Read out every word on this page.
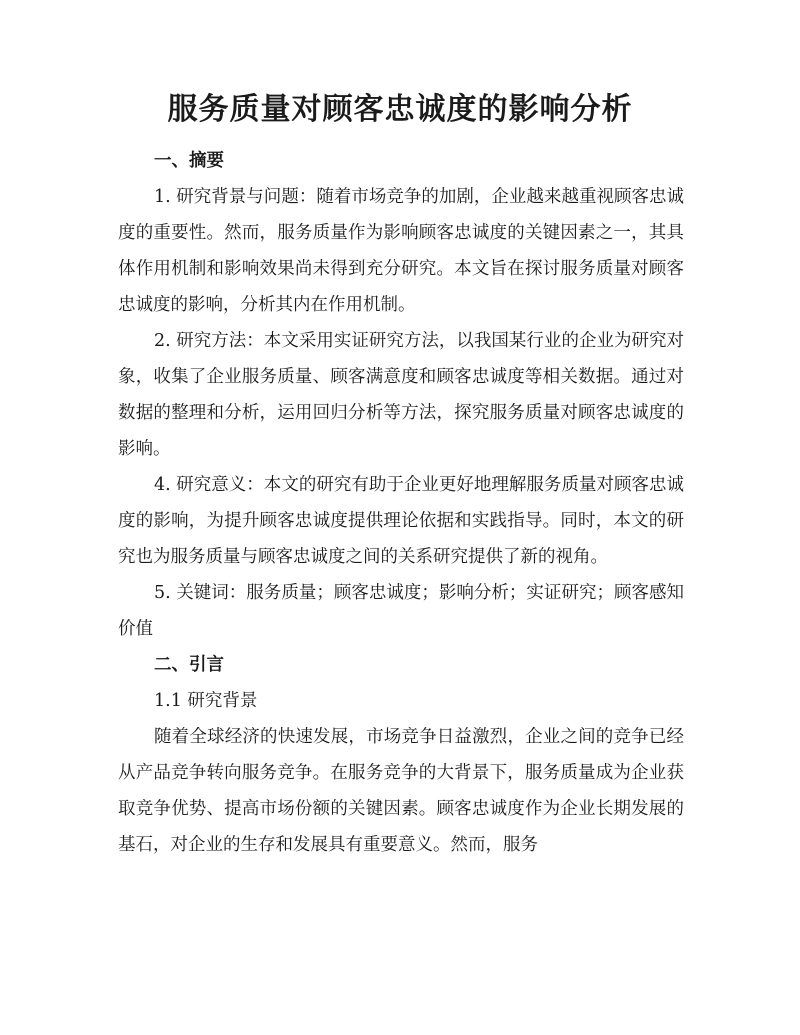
服务质量对顾客忠诚度的影响分析

一、摘要

1. 研究背景与问题：随着市场竞争的加剧，企业越来越重视顾客忠诚度的重要性。然而，服务质量作为影响顾客忠诚度的关键因素之一，其具体作用机制和影响效果尚未得到充分研究。本文旨在探讨服务质量对顾客忠诚度的影响，分析其内在作用机制。

2. 研究方法：本文采用实证研究方法，以我国某行业的企业为研究对象，收集了企业服务质量、顾客满意度和顾客忠诚度等相关数据。通过对数据的整理和分析，运用回归分析等方法，探究服务质量对顾客忠诚度的影响。

4. 研究意义：本文的研究有助于企业更好地理解服务质量对顾客忠诚度的影响，为提升顾客忠诚度提供理论依据和实践指导。同时，本文的研究也为服务质量与顾客忠诚度之间的关系研究提供了新的视角。

5. 关键词：服务质量；顾客忠诚度；影响分析；实证研究；顾客感知价值

二、引言

1.1 研究背景

随着全球经济的快速发展，市场竞争日益激烈，企业之间的竞争已经从产品竞争转向服务竞争。在服务竞争的大背景下，服务质量成为企业获取竞争优势、提高市场份额的关键因素。顾客忠诚度作为企业长期发展的基石，对企业的生存和发展具有重要意义。然而，服务
